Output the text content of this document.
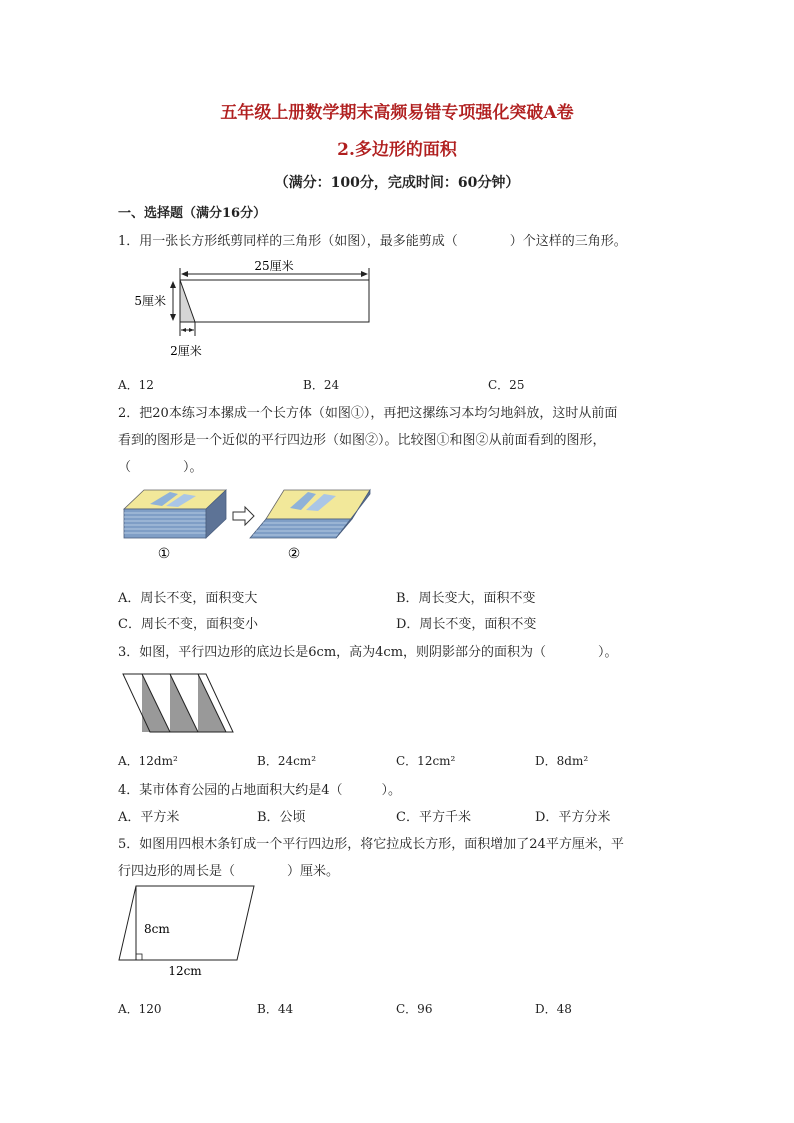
五年级上册数学期末高频易错专项强化突破A卷
2.多边形的面积
（满分：100分，完成时间：60分钟）
一、选择题（满分16分）
1．用一张长方形纸剪同样的三角形（如图），最多能剪成（　　　　）个这样的三角形。
25厘米
5厘米
2厘米
A．12	B．24	C．25
2．把20本练习本摞成一个长方体（如图①），再把这摞练习本均匀地斜放，这时从前面
看到的图形是一个近似的平行四边形（如图②）。比较图①和图②从前面看到的图形，
（　　　　）。
①	②
A．周长不变，面积变大	B．周长变大，面积不变
C．周长不变，面积变小	D．周长不变，面积不变
3．如图，平行四边形的底边长是6cm，高为4cm，则阴影部分的面积为（　　　　）。
A．12dm²	B．24cm²	C．12cm²	D．8dm²
4．某市体育公园的占地面积大约是4（　　　）。
A．平方米	B．公顷	C．平方千米	D．平方分米
5．如图用四根木条钉成一个平行四边形，将它拉成长方形，面积增加了24平方厘米，平
行四边形的周长是（　　　　）厘米。
8cm
12cm
A．120	B．44	C．96	D．48
